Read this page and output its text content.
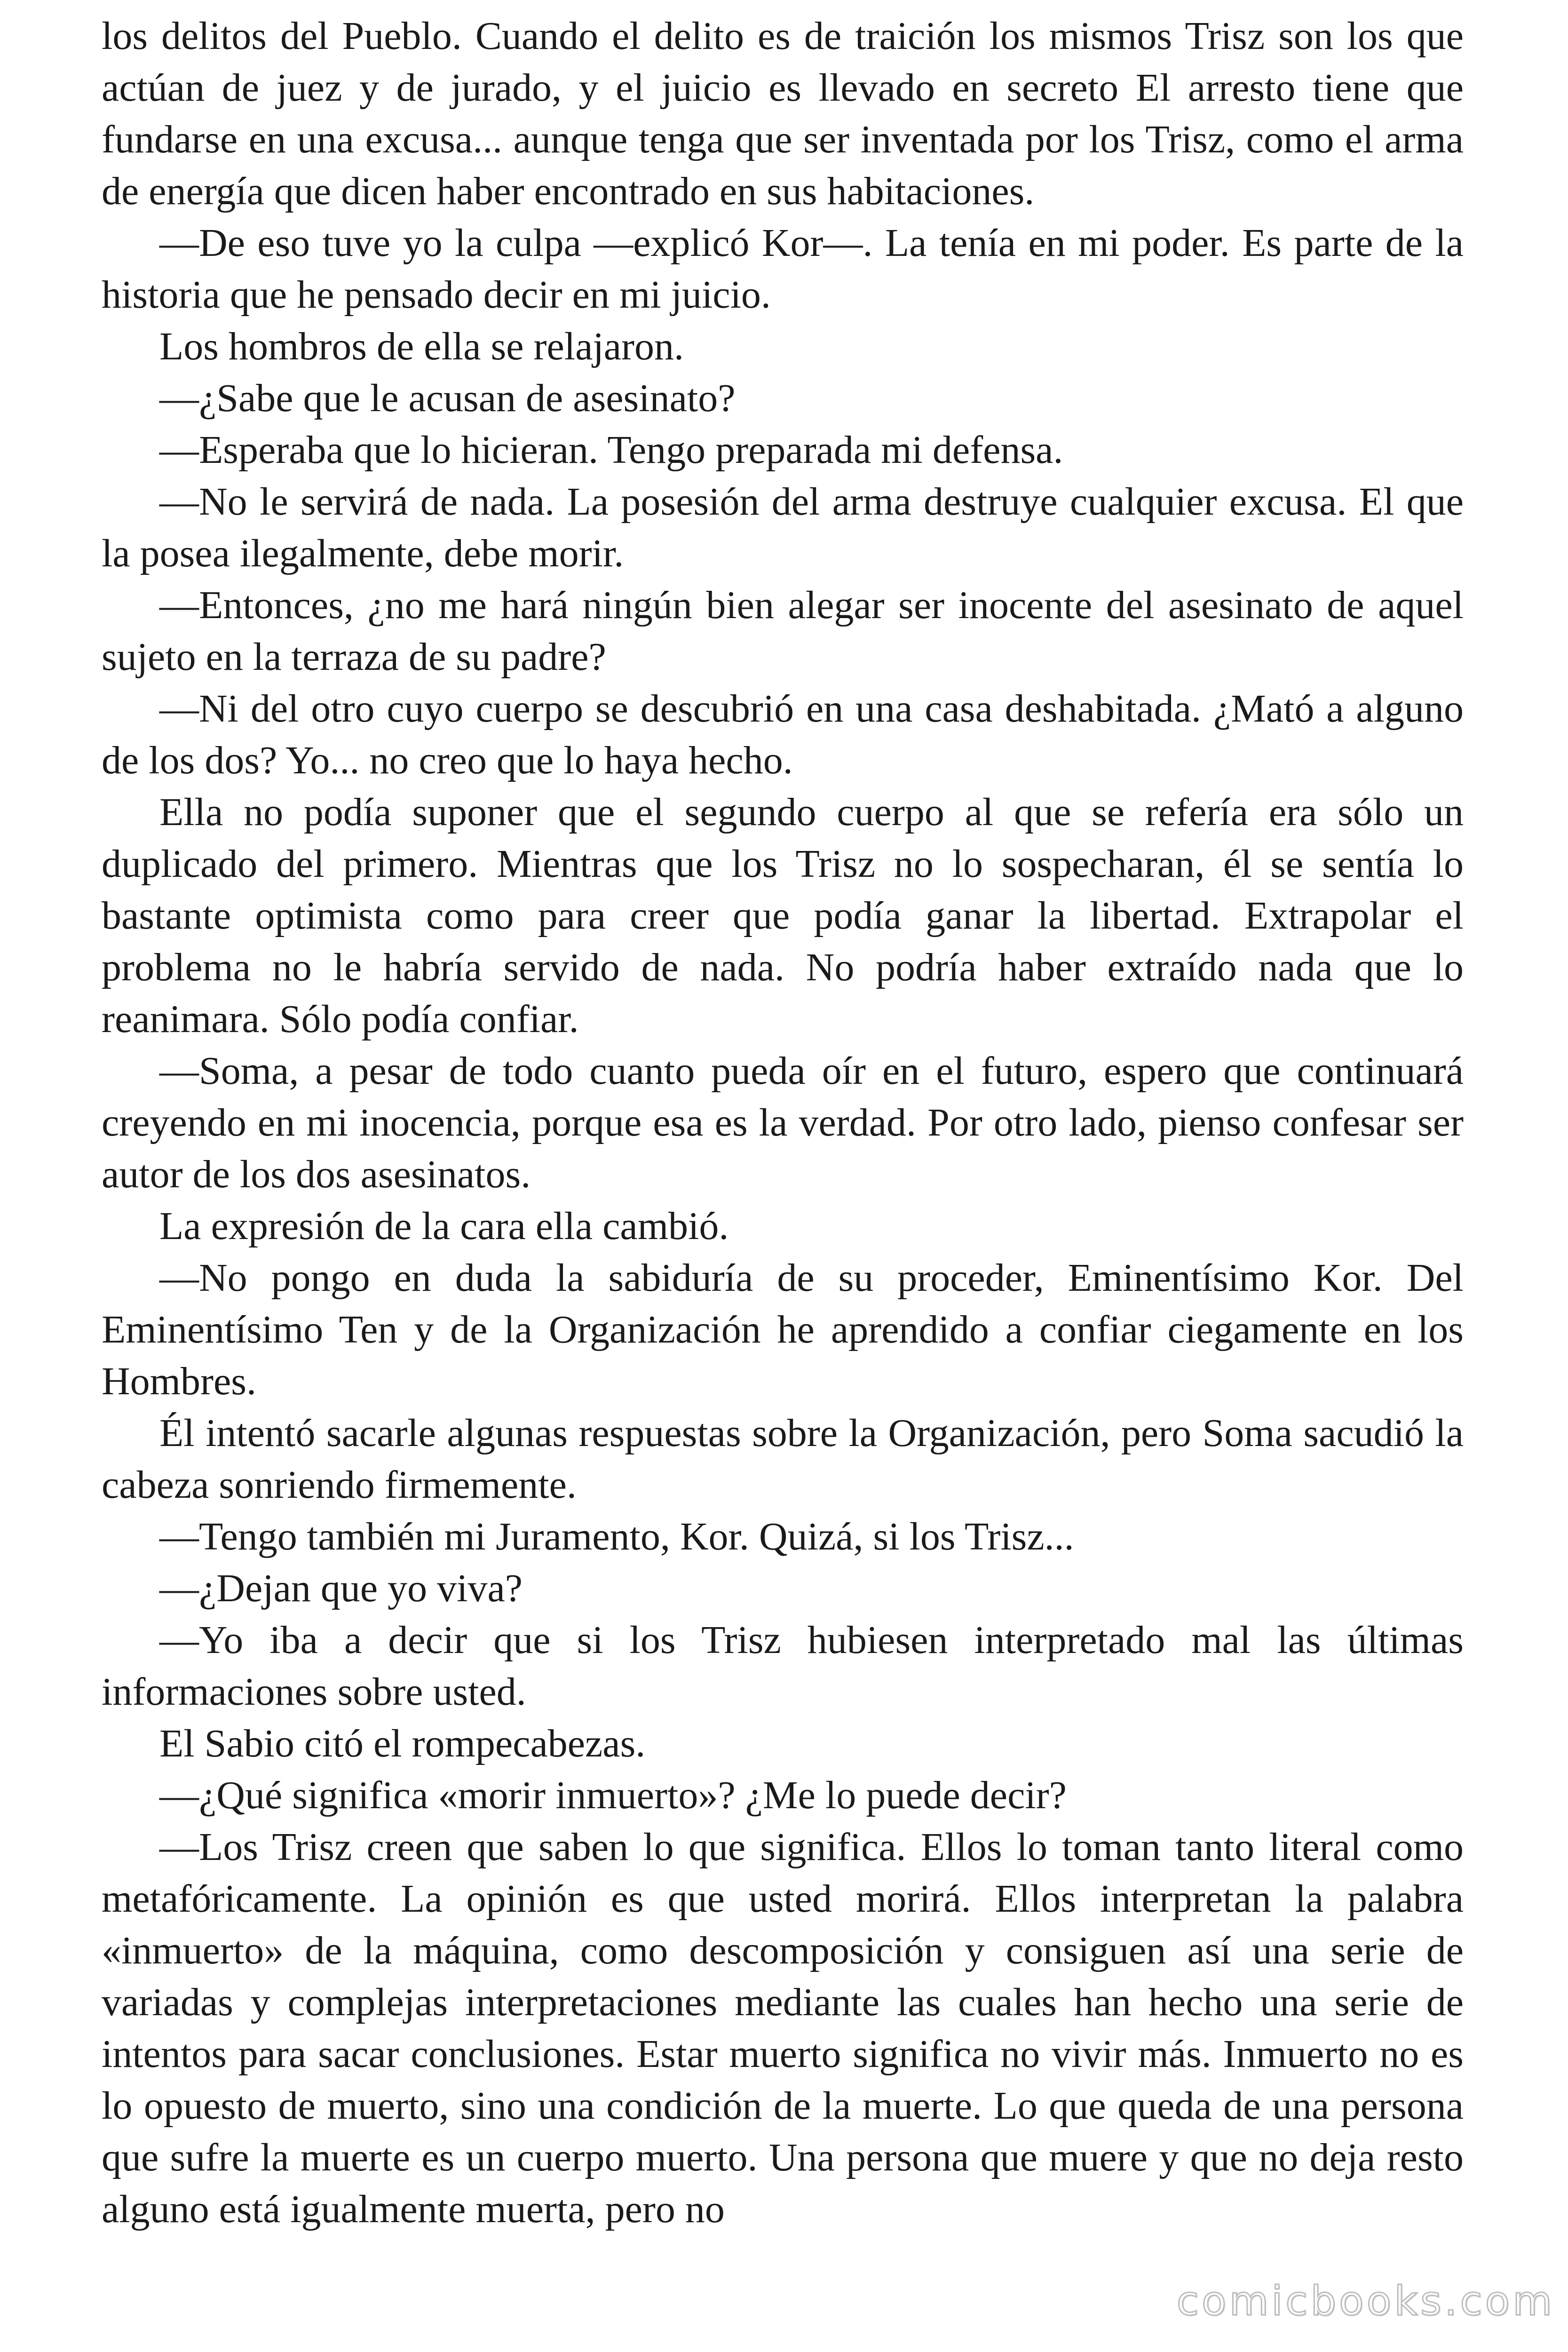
los delitos del Pueblo. Cuando el delito es de traición los mismos Trisz son los que actúan de juez y de jurado, y el juicio es llevado en secreto El arresto tiene que fundarse en una excusa... aunque tenga que ser inventada por los Trisz, como el arma de energía que dicen haber encontrado en sus habitaciones.

—De eso tuve yo la culpa —explicó Kor—. La tenía en mi poder. Es parte de la historia que he pensado decir en mi juicio.

Los hombros de ella se relajaron.

—¿Sabe que le acusan de asesinato?

—Esperaba que lo hicieran. Tengo preparada mi defensa.

—No le servirá de nada. La posesión del arma destruye cualquier excusa. El que la posea ilegalmente, debe morir.

—Entonces, ¿no me hará ningún bien alegar ser inocente del asesinato de aquel sujeto en la terraza de su padre?

—Ni del otro cuyo cuerpo se descubrió en una casa deshabitada. ¿Mató a alguno de los dos? Yo... no creo que lo haya hecho.

Ella no podía suponer que el segundo cuerpo al que se refería era sólo un duplicado del primero. Mientras que los Trisz no lo sospecharan, él se sentía lo bastante optimista como para creer que podía ganar la libertad. Extrapolar el problema no le habría servido de nada. No podría haber extraído nada que lo reanimara. Sólo podía confiar.

—Soma, a pesar de todo cuanto pueda oír en el futuro, espero que continuará creyendo en mi inocencia, porque esa es la verdad. Por otro lado, pienso confesar ser autor de los dos asesinatos.

La expresión de la cara ella cambió.

—No pongo en duda la sabiduría de su proceder, Eminentísimo Kor. Del Eminentísimo Ten y de la Organización he aprendido a confiar ciegamente en los Hombres.

Él intentó sacarle algunas respuestas sobre la Organización, pero Soma sacudió la cabeza sonriendo firmemente.

—Tengo también mi Juramento, Kor. Quizá, si los Trisz...

—¿Dejan que yo viva?

—Yo iba a decir que si los Trisz hubiesen interpretado mal las últimas informaciones sobre usted.

El Sabio citó el rompecabezas.

—¿Qué significa «morir inmuerto»? ¿Me lo puede decir?

—Los Trisz creen que saben lo que significa. Ellos lo toman tanto literal como metafóricamente. La opinión es que usted morirá. Ellos interpretan la palabra «inmuerto» de la máquina, como descomposición y consiguen así una serie de variadas y complejas interpretaciones mediante las cuales han hecho una serie de intentos para sacar conclusiones. Estar muerto significa no vivir más. Inmuerto no es lo opuesto de muerto, sino una condición de la muerte. Lo que queda de una persona que sufre la muerte es un cuerpo muerto. Una persona que muere y que no deja resto alguno está igualmente muerta, pero no

comicbooks.com
